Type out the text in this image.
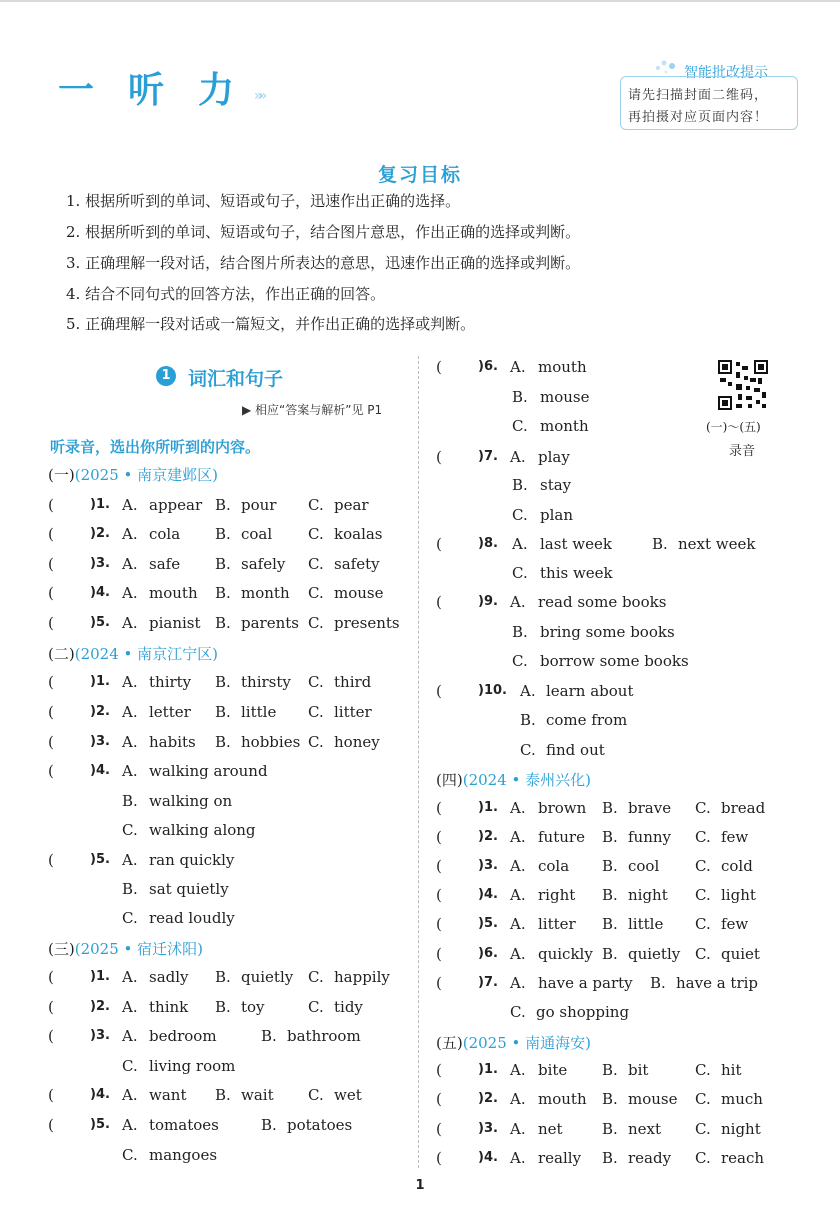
一 听 力 »»
智能批改提示
请先扫描封面二维码，
再拍摄对应页面内容！
复习目标
1. 根据所听到的单词、短语或句子，迅速作出正确的选择。
2. 根据所听到的单词、短语或句子，结合图片意思，作出正确的选择或判断。
3. 正确理解一段对话，结合图片所表达的意思，迅速作出正确的选择或判断。
4. 结合不同句式的回答方法，作出正确的回答。
5. 正确理解一段对话或一篇短文，并作出正确的选择或判断。
1 词汇和句子
▶ 相应“答案与解析”见 P1
听录音，选出你所听到的内容。
(一)～(五)
录音
(一)(2025 • 南京建邺区)
(二)(2024 • 南京江宁区)
(三)(2025 • 宿迁沭阳)
(四)(2024 • 泰州兴化)
(五)(2025 • 南通海安)
(	)1. A. appear B. pour C. pear
(	)2. A. cola B. coal C. koalas
(	)3. A. safe B. safely C. safety
(	)4. A. mouth B. month C. mouse
(	)5. A. pianist B. parents C. presents
(	)1. A. thirty B. thirsty C. third
(	)2. A. letter B. little C. litter
(	)3. A. habits B. hobbies C. honey
(	)4. A. walking around
B. walking on
C. walking along
(	)5. A. ran quickly
B. sat quietly
C. read loudly
(	)1. A. sadly B. quietly C. happily
(	)2. A. think B. toy	C. tidy
(	)3. A. bedroom	B. bathroom
C. living room
(	)4. A. want B. wait C. wet
(	)5. A. tomatoes	B. potatoes
C. mangoes
(	)6. A. mouth
B. mouse
C. month
(	)7. A. play
B. stay
C. plan
(	)8. A. last week	B. next week
C. this week
(	)9. A. read some books
B. bring some books
C. borrow some books
(	)10. A. learn about
B. come from
C. find out
(	)1. A. brown B. brave C. bread
(	)2. A. future B. funny C. few
(	)3. A. cola B. cool C. cold
(	)4. A. right B. night C. light
(	)5. A. litter B. little C. few
(	)6. A. quickly B. quietly C. quiet
(	)7. A. have a party B. have a trip
C. go shopping
(	)1. A. bite B. bit	C. hit
(	)2. A. mouth B. mouse C. much
(	)3. A. net	B. next C. night
(	)4. A. really B. ready C. reach
1
